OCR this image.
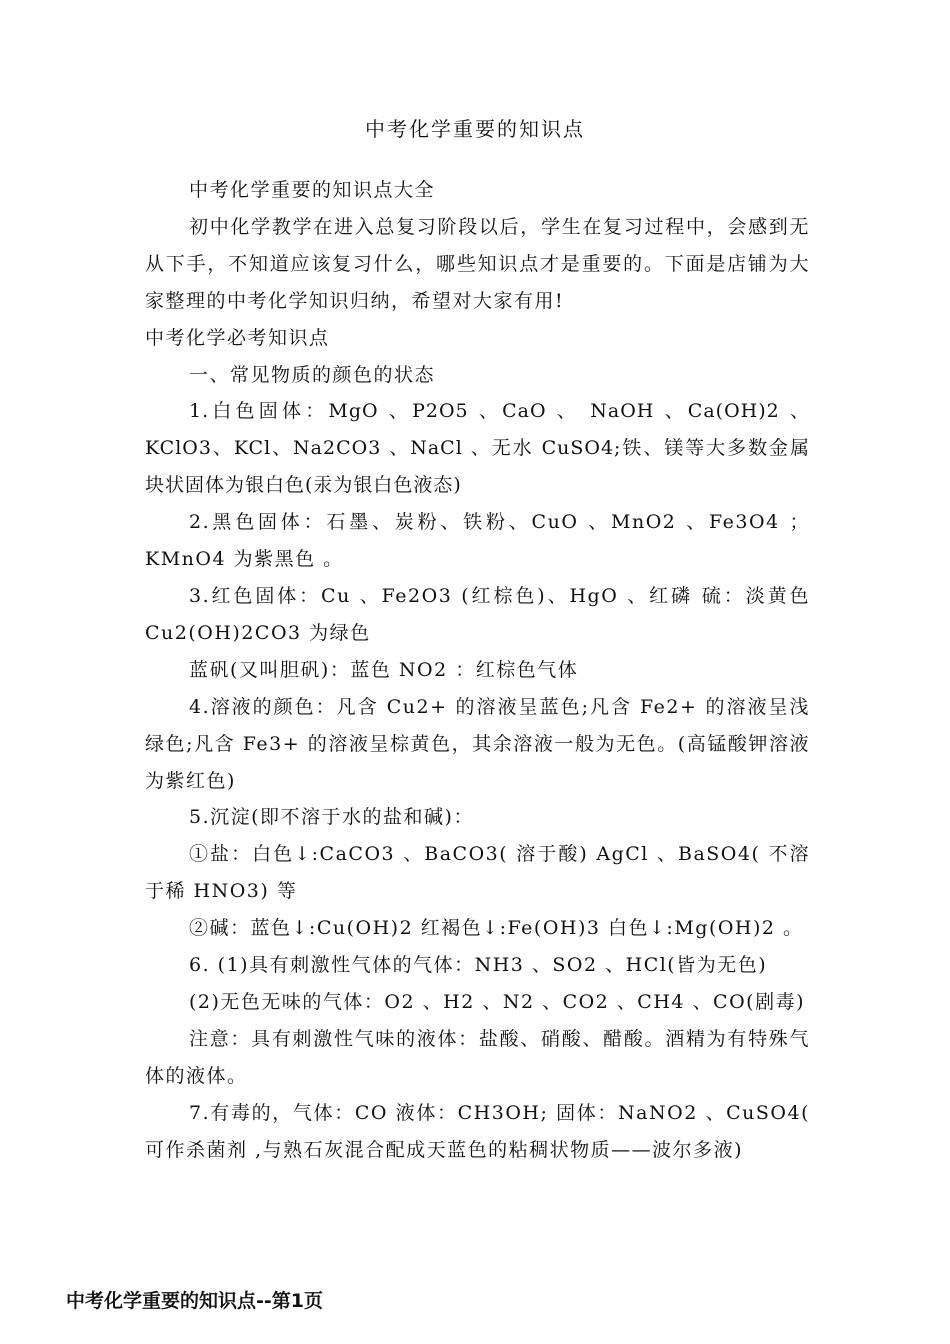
中考化学重要的知识点

中考化学重要的知识点大全

初中化学教学在进入总复习阶段以后，学生在复习过程中，会感到无从下手，不知道应该复习什么，哪些知识点才是重要的。下面是店铺为大家整理的中考化学知识归纳，希望对大家有用!

中考化学必考知识点

一、常见物质的颜色的状态

1.白色固体：MgO 、P2O5 、CaO 、 NaOH 、Ca(OH)2 、KClO3、KCl、Na2CO3 、NaCl 、无水 CuSO4;铁、镁等大多数金属块状固体为银白色(汞为银白色液态)

2.黑色固体：石墨、炭粉、铁粉、CuO 、MnO2 、Fe3O4 ；KMnO4 为紫黑色 。

3.红色固体：Cu 、Fe2O3 (红棕色)、HgO 、红磷 硫：淡黄色 Cu2(OH)2CO3 为绿色

蓝矾(又叫胆矾)：蓝色 NO2 ：红棕色气体

4.溶液的颜色：凡含 Cu2+ 的溶液呈蓝色;凡含 Fe2+ 的溶液呈浅绿色;凡含 Fe3+ 的溶液呈棕黄色，其余溶液一般为无色。(高锰酸钾溶液为紫红色)

5.沉淀(即不溶于水的盐和碱)：

①盐：白色↓:CaCO3 、BaCO3( 溶于酸) AgCl 、BaSO4( 不溶于稀 HNO3) 等

②碱：蓝色↓:Cu(OH)2 红褐色↓:Fe(OH)3 白色↓:Mg(OH)2 。

6. (1)具有刺激性气体的气体：NH3 、SO2 、HCl(皆为无色)

(2)无色无味的气体：O2 、H2 、N2 、CO2 、CH4 、CO(剧毒)

注意：具有刺激性气味的液体：盐酸、硝酸、醋酸。酒精为有特殊气体的液体。

7.有毒的，气体：CO 液体：CH3OH; 固体：NaNO2 、CuSO4( 可作杀菌剂 ,与熟石灰混合配成天蓝色的粘稠状物质——波尔多液)

中考化学重要的知识点--第1页
